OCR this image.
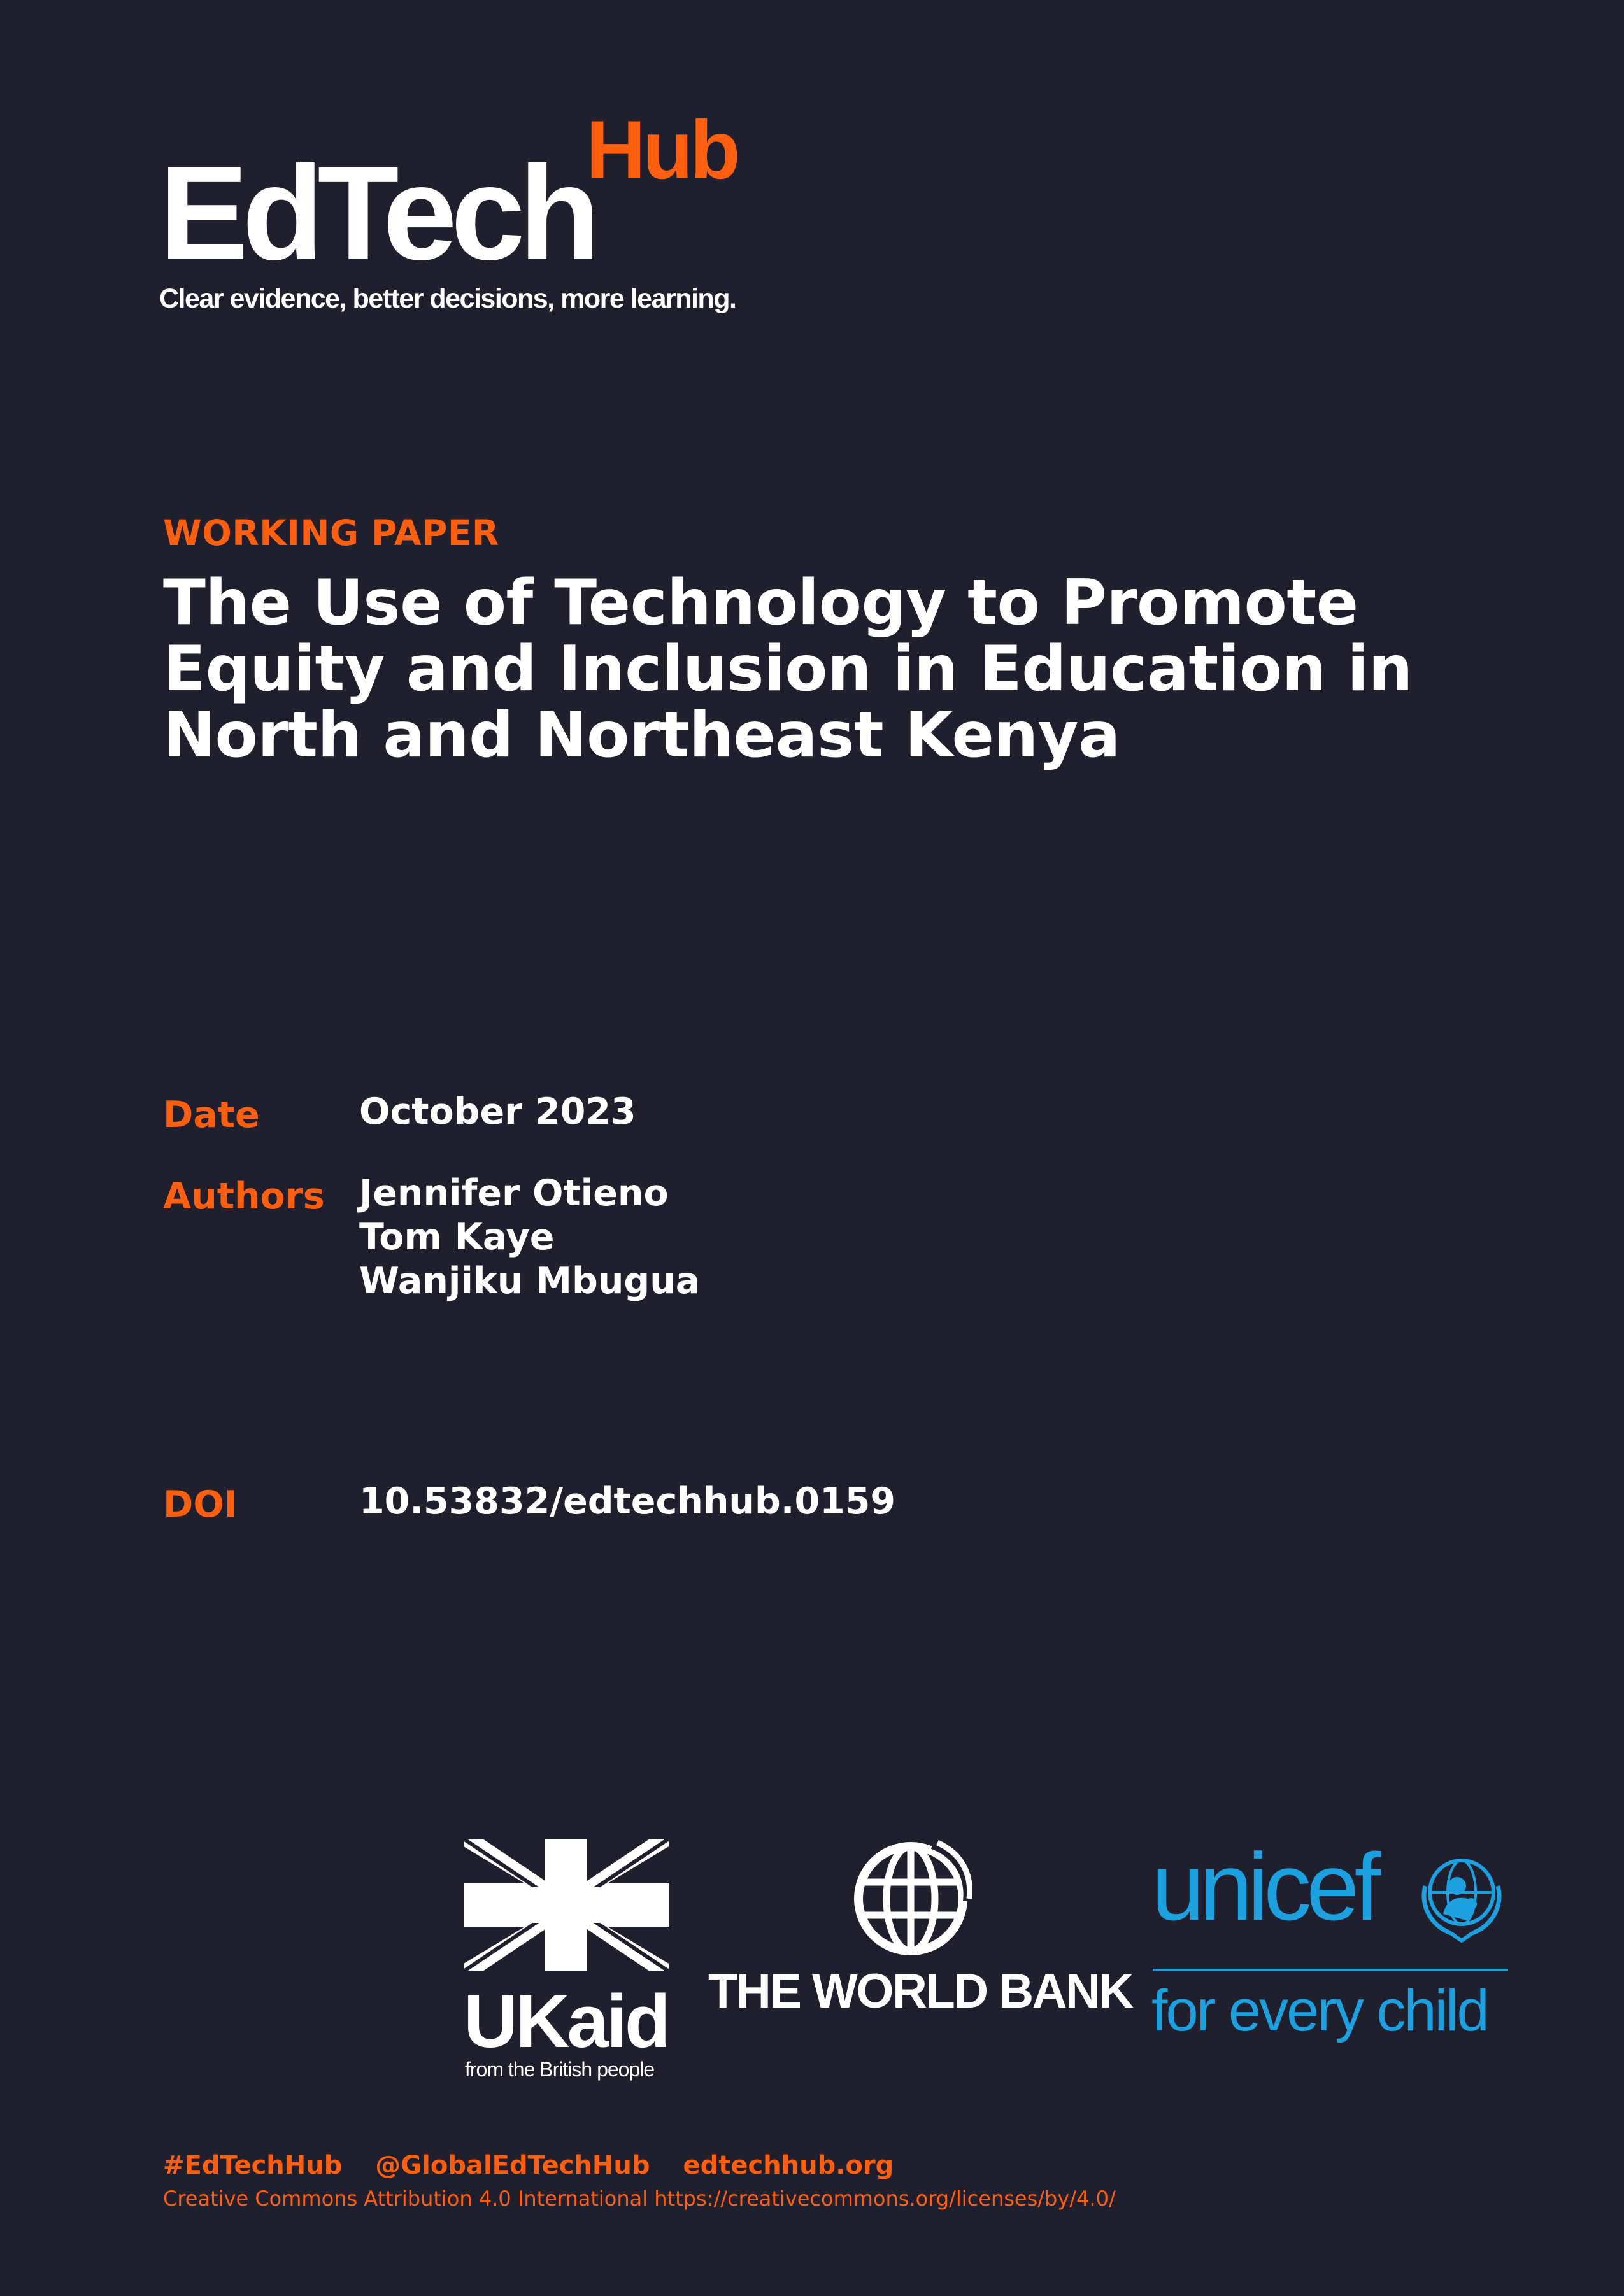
EdTech
Hub
Clear evidence, better decisions, more learning.
WORKING PAPER
The Use of Technology to Promote
Equity and Inclusion in Education in
North and Northeast Kenya
Date	October 2023
Authors Jennifer Otieno
Tom Kaye
Wanjiku Mbugua
DOI	10.53832/edtechhub.0159
UKaid
from the British people
THE WORLD BANK
unicef
for every child
#EdTechHub @GlobalEdTechHub edtechhub.org
Creative Commons Attribution 4.0 International https://creativecommons.org/licenses/by/4.0/
